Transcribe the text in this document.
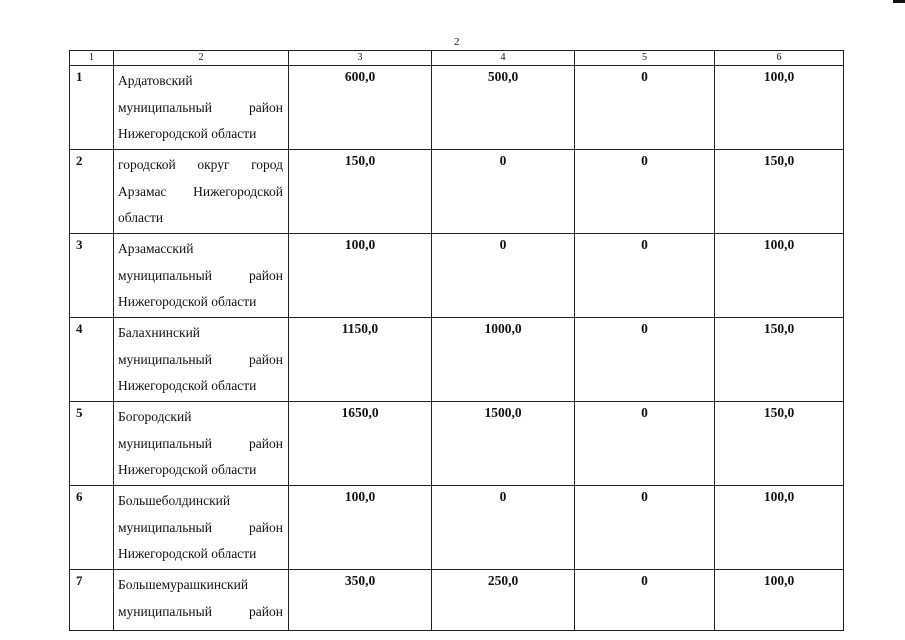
2
1	2	3	4	5	6
1	Ардатовский муниципальный район Нижегородской области	600,0	500,0	0	100,0
2	городской округ город Арзамас Нижегородской области	150,0	0	0	150,0
3	Арзамасский муниципальный район Нижегородской области	100,0	0	0	100,0
4	Балахнинский муниципальный район Нижегородской области	1150,0	1000,0	0	150,0
5	Богородский муниципальный район Нижегородской области	1650,0	1500,0	0	150,0
6	Большеболдинский муниципальный район Нижегородской области	100,0	0	0	100,0
7	Большемурашкинский муниципальный район	350,0	250,0	0	100,0
